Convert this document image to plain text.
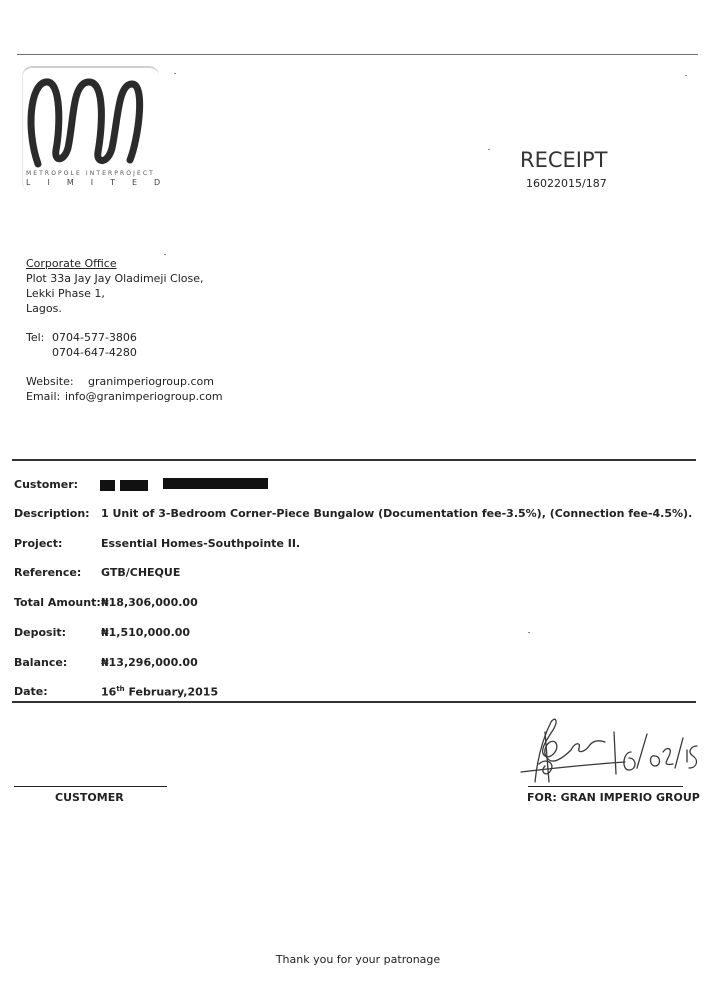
METROPOLE INTERPROJECT
LIMITED
RECEIPT
16022015/187
Corporate Office
Plot 33a Jay Jay Oladimeji Close,
Lekki Phase 1,
Lagos.
Tel: 0704-577-3806
0704-647-4280
Website: granimperiogroup.com
Email: info@granimperiogroup.com
Customer:
Description: 1 Unit of 3-Bedroom Corner-Piece Bungalow (Documentation fee-3.5%), (Connection fee-4.5%).
Project:	Essential Homes-Southpointe II.
Reference: GTB/CHEQUE
Total Amount: ₦18,306,000.00
Deposit:	₦1,510,000.00
Balance:	₦13,296,000.00
Date:	16th February,2015
CUSTOMER	FOR: GRAN IMPERIO GROUP
Thank you for your patronage
